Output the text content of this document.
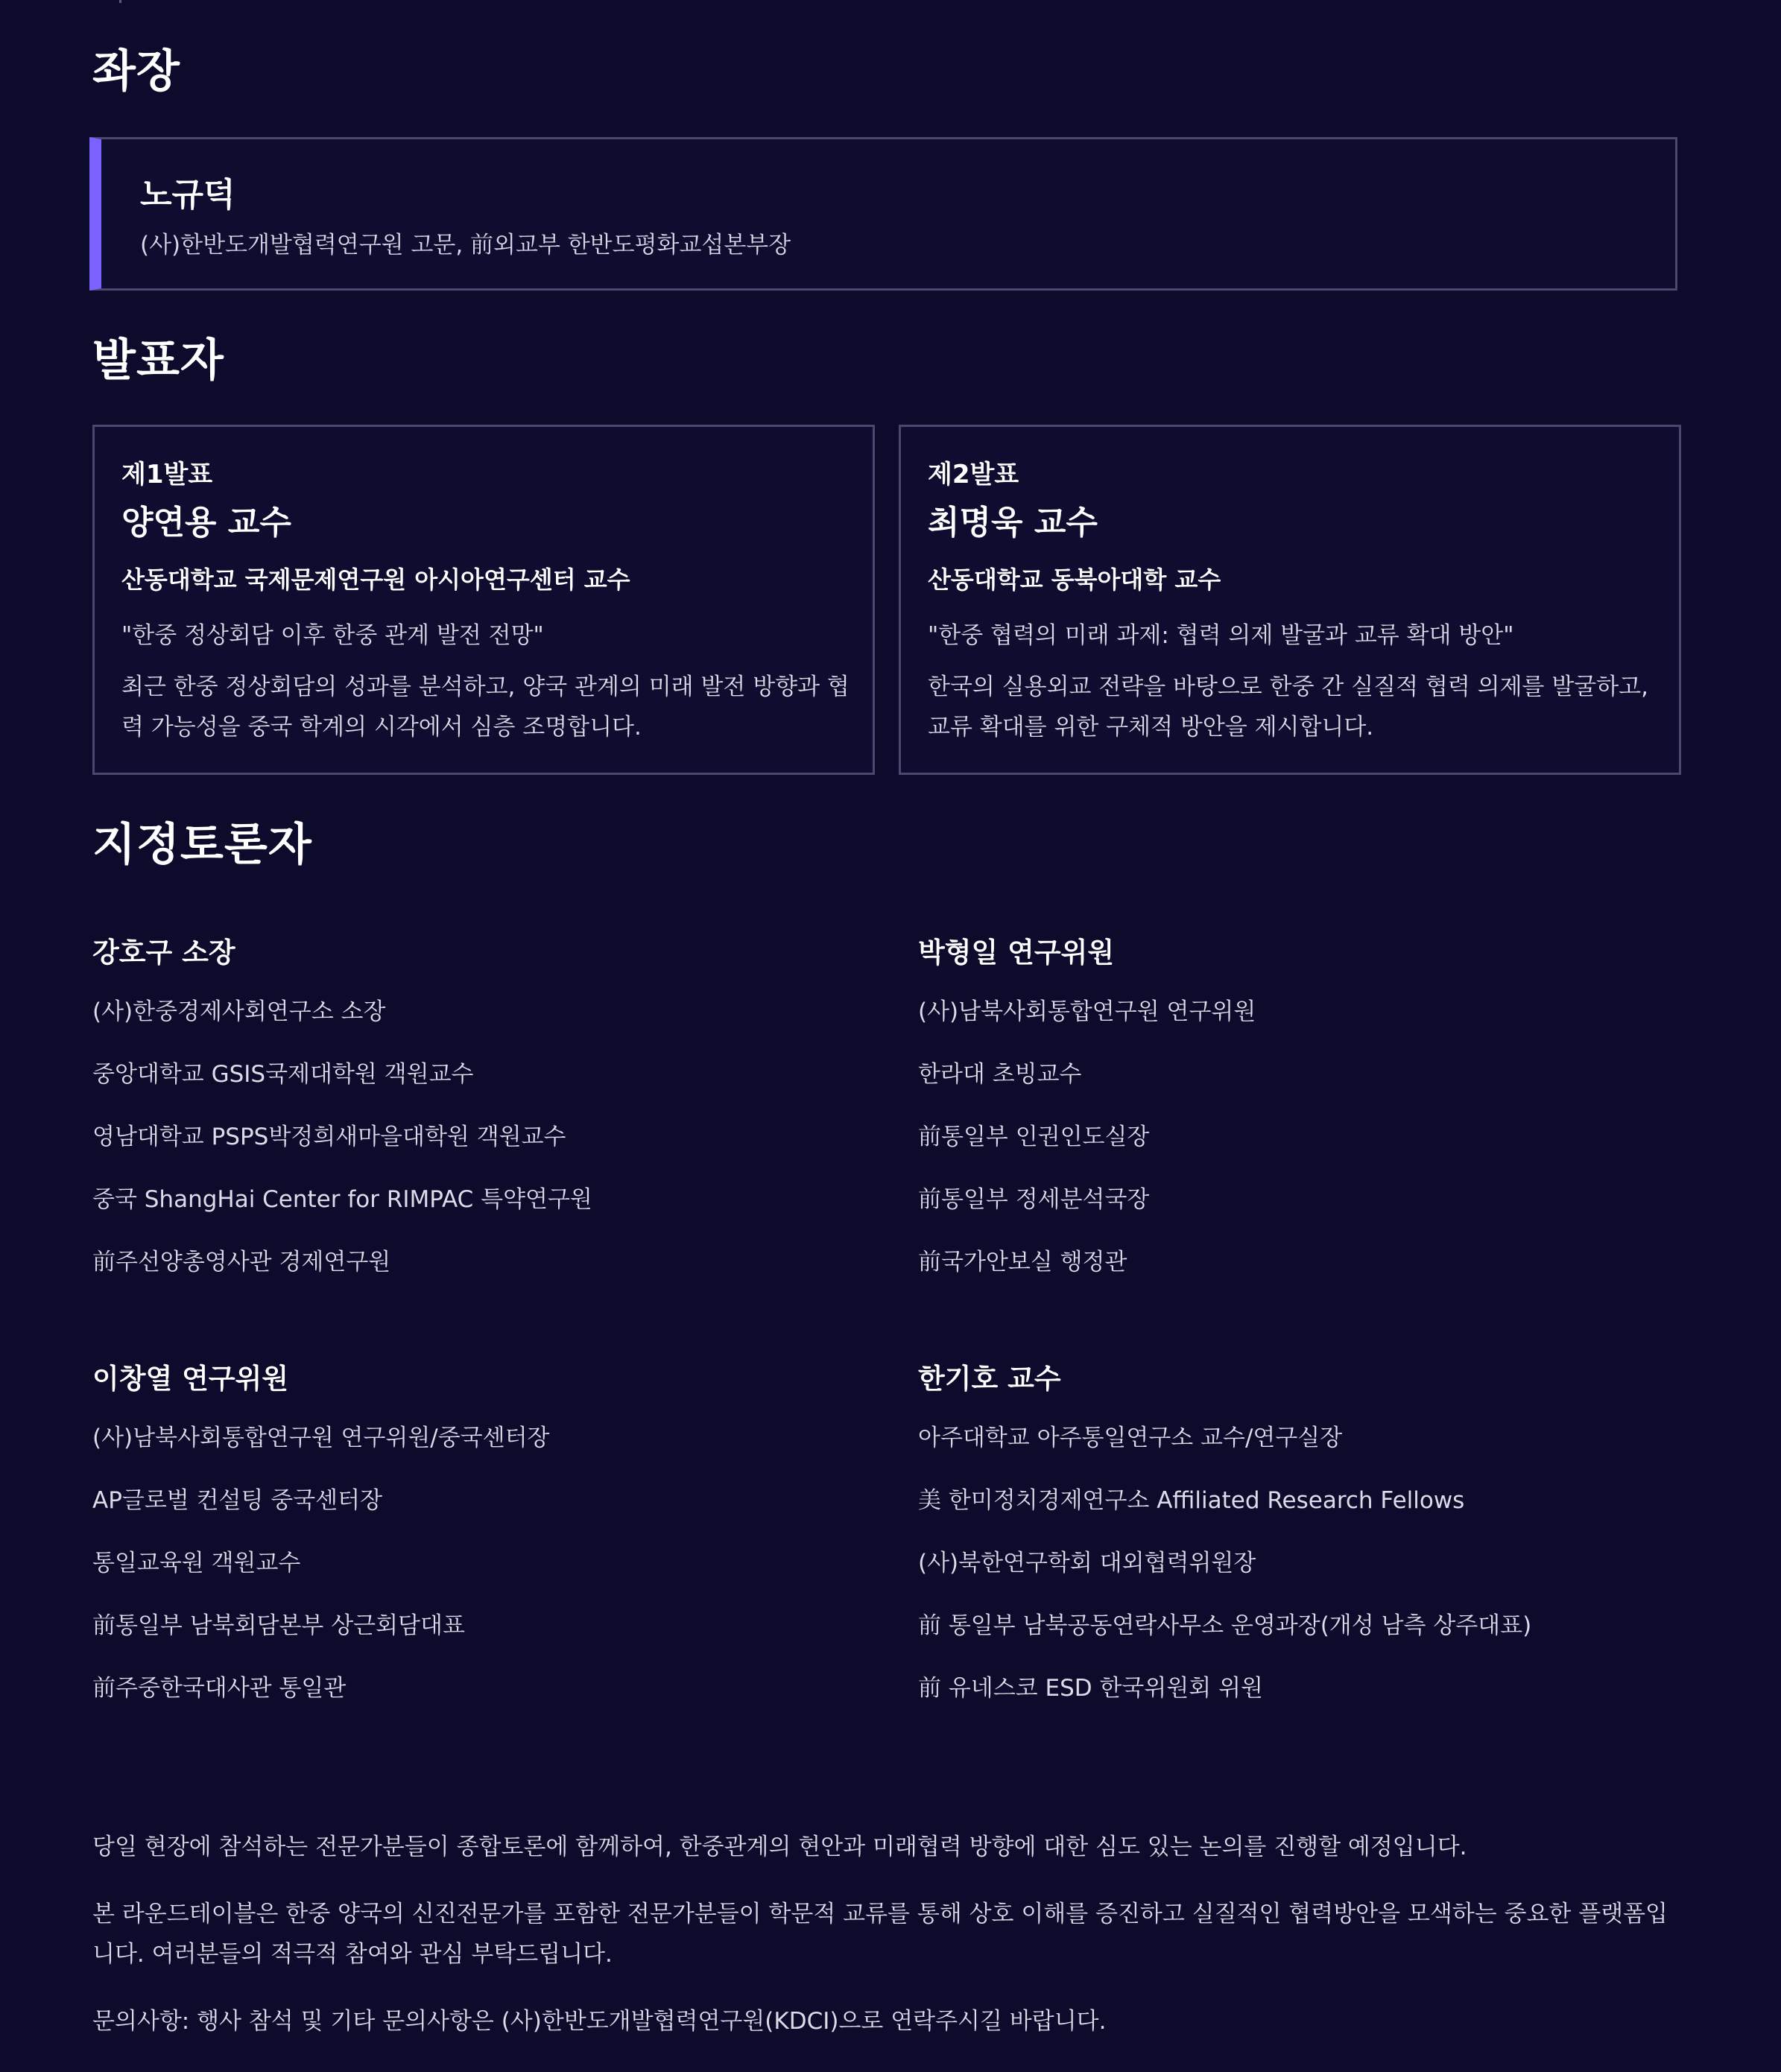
좌장
노규덕
(사)한반도개발협력연구원 고문, 前외교부 한반도평화교섭본부장
발표자
제1발표
양연용 교수
산동대학교 국제문제연구원 아시아연구센터 교수
"한중 정상회담 이후 한중 관계 발전 전망"
최근 한중 정상회담의 성과를 분석하고, 양국 관계의 미래 발전 방향과 협력 가능성을 중국 학계의 시각에서 심층 조명합니다.
제2발표
최명욱 교수
산동대학교 동북아대학 교수
"한중 협력의 미래 과제: 협력 의제 발굴과 교류 확대 방안"
한국의 실용외교 전략을 바탕으로 한중 간 실질적 협력 의제를 발굴하고, 교류 확대를 위한 구체적 방안을 제시합니다.
지정토론자
강호구 소장
(사)한중경제사회연구소 소장
중앙대학교 GSIS국제대학원 객원교수
영남대학교 PSPS박정희새마을대학원 객원교수
중국 ShangHai Center for RIMPAC 특약연구원
前주선양총영사관 경제연구원
박형일 연구위원
(사)남북사회통합연구원 연구위원
한라대 초빙교수
前통일부 인권인도실장
前통일부 정세분석국장
前국가안보실 행정관
이창열 연구위원
(사)남북사회통합연구원 연구위원/중국센터장
AP글로벌 컨설팅 중국센터장
통일교육원 객원교수
前통일부 남북회담본부 상근회담대표
前주중한국대사관 통일관
한기호 교수
아주대학교 아주통일연구소 교수/연구실장
美 한미정치경제연구소 Affiliated Research Fellows
(사)북한연구학회 대외협력위원장
前 통일부 남북공동연락사무소 운영과장(개성 남측 상주대표)
前 유네스코 ESD 한국위원회 위원

당일 현장에 참석하는 전문가분들이 종합토론에 함께하여, 한중관계의 현안과 미래협력 방향에 대한 심도 있는 논의를 진행할 예정입니다.

본 라운드테이블은 한중 양국의 신진전문가를 포함한 전문가분들이 학문적 교류를 통해 상호 이해를 증진하고 실질적인 협력방안을 모색하는 중요한 플랫폼입니다. 여러분들의 적극적 참여와 관심 부탁드립니다.

문의사항: 행사 참석 및 기타 문의사항은 (사)한반도개발협력연구원(KDCI)으로 연락주시길 바랍니다.
